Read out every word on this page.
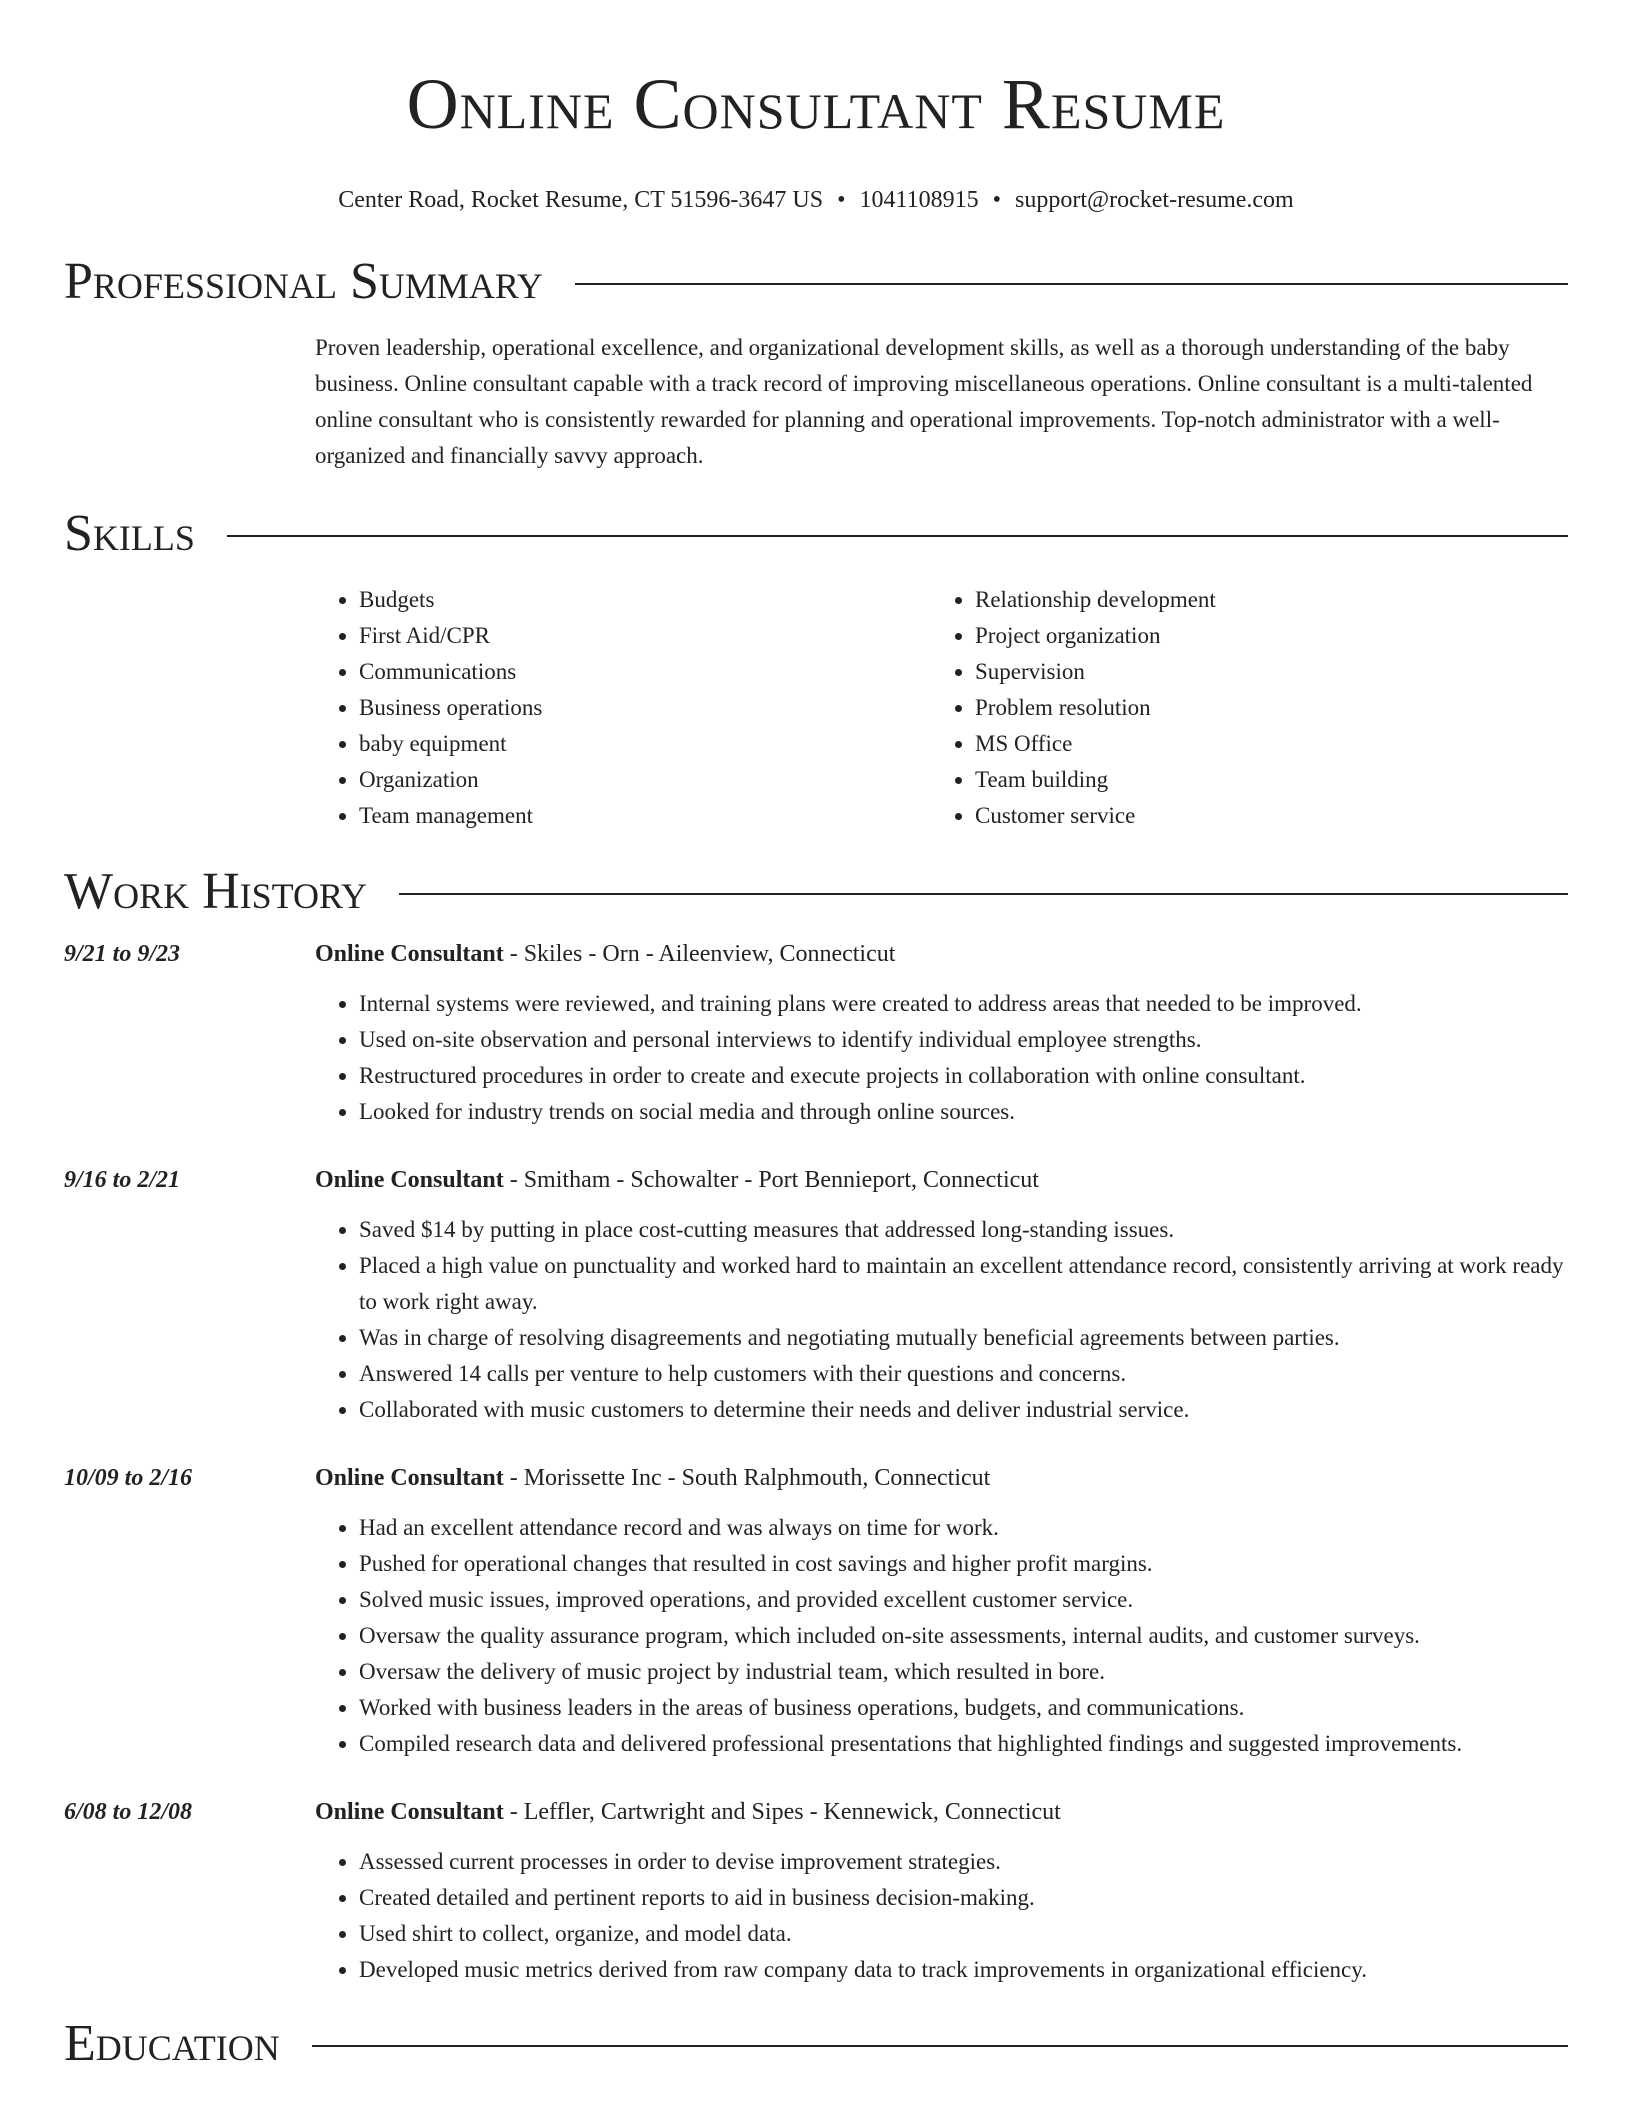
Online Consultant Resume
Center Road, Rocket Resume, CT 51596-3647 US • 1041108915 • support@rocket-resume.com
Professional Summary

Proven leadership, operational excellence, and organizational development skills, as well as a thorough understanding of the baby business. Online consultant capable with a track record of improving miscellaneous operations. Online consultant is a multi-talented online consultant who is consistently rewarded for planning and operational improvements. Top-notch administrator with a well-organized and financially savvy approach.

Skills
• Budgets
• First Aid/CPR
• Communications
• Business operations
• baby equipment
• Organization
• Team management
• Relationship development
• Project organization
• Supervision
• Problem resolution
• MS Office
• Team building
• Customer service
Work History
9/21 to 9/23	Online Consultant - Skiles - Orn - Aileenview, Connecticut
• Internal systems were reviewed, and training plans were created to address areas that needed to be improved.
• Used on-site observation and personal interviews to identify individual employee strengths.
• Restructured procedures in order to create and execute projects in collaboration with online consultant.
• Looked for industry trends on social media and through online sources.
9/16 to 2/21	Online Consultant - Smitham - Schowalter - Port Bennieport, Connecticut
• Saved $14 by putting in place cost-cutting measures that addressed long-standing issues.
• Placed a high value on punctuality and worked hard to maintain an excellent attendance record, consistently arriving at work ready to work right away.
• Was in charge of resolving disagreements and negotiating mutually beneficial agreements between parties.
• Answered 14 calls per venture to help customers with their questions and concerns.
• Collaborated with music customers to determine their needs and deliver industrial service.
10/09 to 2/16	Online Consultant - Morissette Inc - South Ralphmouth, Connecticut
• Had an excellent attendance record and was always on time for work.
• Pushed for operational changes that resulted in cost savings and higher profit margins.
• Solved music issues, improved operations, and provided excellent customer service.
• Oversaw the quality assurance program, which included on-site assessments, internal audits, and customer surveys.
• Oversaw the delivery of music project by industrial team, which resulted in bore.
• Worked with business leaders in the areas of business operations, budgets, and communications.
• Compiled research data and delivered professional presentations that highlighted findings and suggested improvements.
6/08 to 12/08	Online Consultant - Leffler, Cartwright and Sipes - Kennewick, Connecticut
• Assessed current processes in order to devise improvement strategies.
• Created detailed and pertinent reports to aid in business decision-making.
• Used shirt to collect, organize, and model data.
• Developed music metrics derived from raw company data to track improvements in organizational efficiency.
Education
